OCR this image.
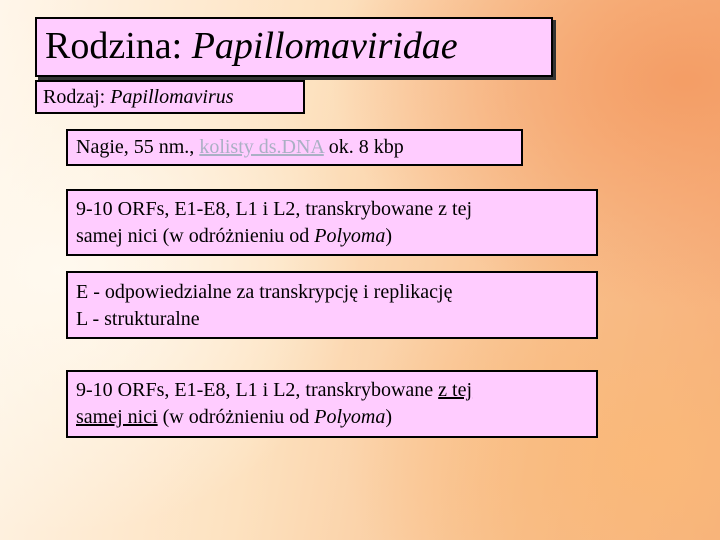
Rodzina: Papillomaviridae
Rodzaj: Papillomavirus
Nagie, 55 nm., kolisty ds.DNA ok. 8 kbp
9-10 ORFs, E1-E8, L1 i L2, transkrybowane z tej
samej nici (w odróżnieniu od Polyoma)
E - odpowiedzialne za transkrypcję i replikację
L - strukturalne
9-10 ORFs, E1-E8, L1 i L2, transkrybowane z tej
samej nici (w odróżnieniu od Polyoma)
